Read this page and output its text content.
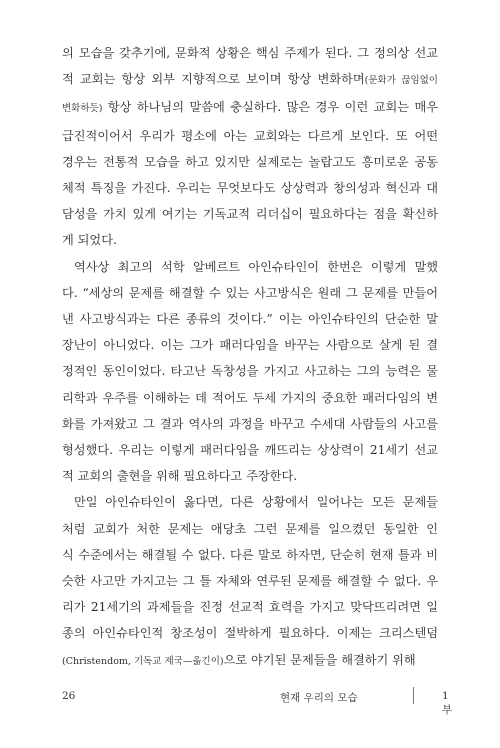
의 모습을 갖추기에, 문화적 상황은 핵심 주제가 된다. 그 정의상 선교
적 교회는 항상 외부 지향적으로 보이며 항상 변화하며(문화가 끊임없이
변화하듯) 항상 하나님의 말씀에 충실하다. 많은 경우 이런 교회는 매우
급진적이어서 우리가 평소에 아는 교회와는 다르게 보인다. 또 어떤
경우는 전통적 모습을 하고 있지만 실제로는 놀랍고도 흥미로운 공동
체적 특징을 가진다. 우리는 무엇보다도 상상력과 창의성과 혁신과 대
담성을 가치 있게 여기는 기독교적 리더십이 필요하다는 점을 확신하
게 되었다.
역사상 최고의 석학 알베르트 아인슈타인이 한번은 이렇게 말했
다. “세상의 문제를 해결할 수 있는 사고방식은 원래 그 문제를 만들어
낸 사고방식과는 다른 종류의 것이다.” 이는 아인슈타인의 단순한 말
장난이 아니었다. 이는 그가 패러다임을 바꾸는 사람으로 살게 된 결
정적인 동인이었다. 타고난 독창성을 가지고 사고하는 그의 능력은 물
리학과 우주를 이해하는 데 적어도 두세 가지의 중요한 패러다임의 변
화를 가져왔고 그 결과 역사의 과정을 바꾸고 수세대 사람들의 사고를
형성했다. 우리는 이렇게 패러다임을 깨뜨리는 상상력이 21세기 선교
적 교회의 출현을 위해 필요하다고 주장한다.
만일 아인슈타인이 옳다면, 다른 상황에서 일어나는 모든 문제들
처럼 교회가 처한 문제는 애당초 그런 문제를 일으켰던 동일한 인
식 수준에서는 해결될 수 없다. 다른 말로 하자면, 단순히 현재 틀과 비
슷한 사고만 가지고는 그 틀 자체와 연루된 문제를 해결할 수 없다. 우
리가 21세기의 과제들을 진정 선교적 효력을 가지고 맞닥뜨리려면 일
종의 아인슈타인적 창조성이 절박하게 필요하다. 이제는 크리스텐덤
(Christendom, 기독교 제국—옮긴이)으로 야기된 문제들을 해결하기 위해
26	현재 우리의 모습	1부
